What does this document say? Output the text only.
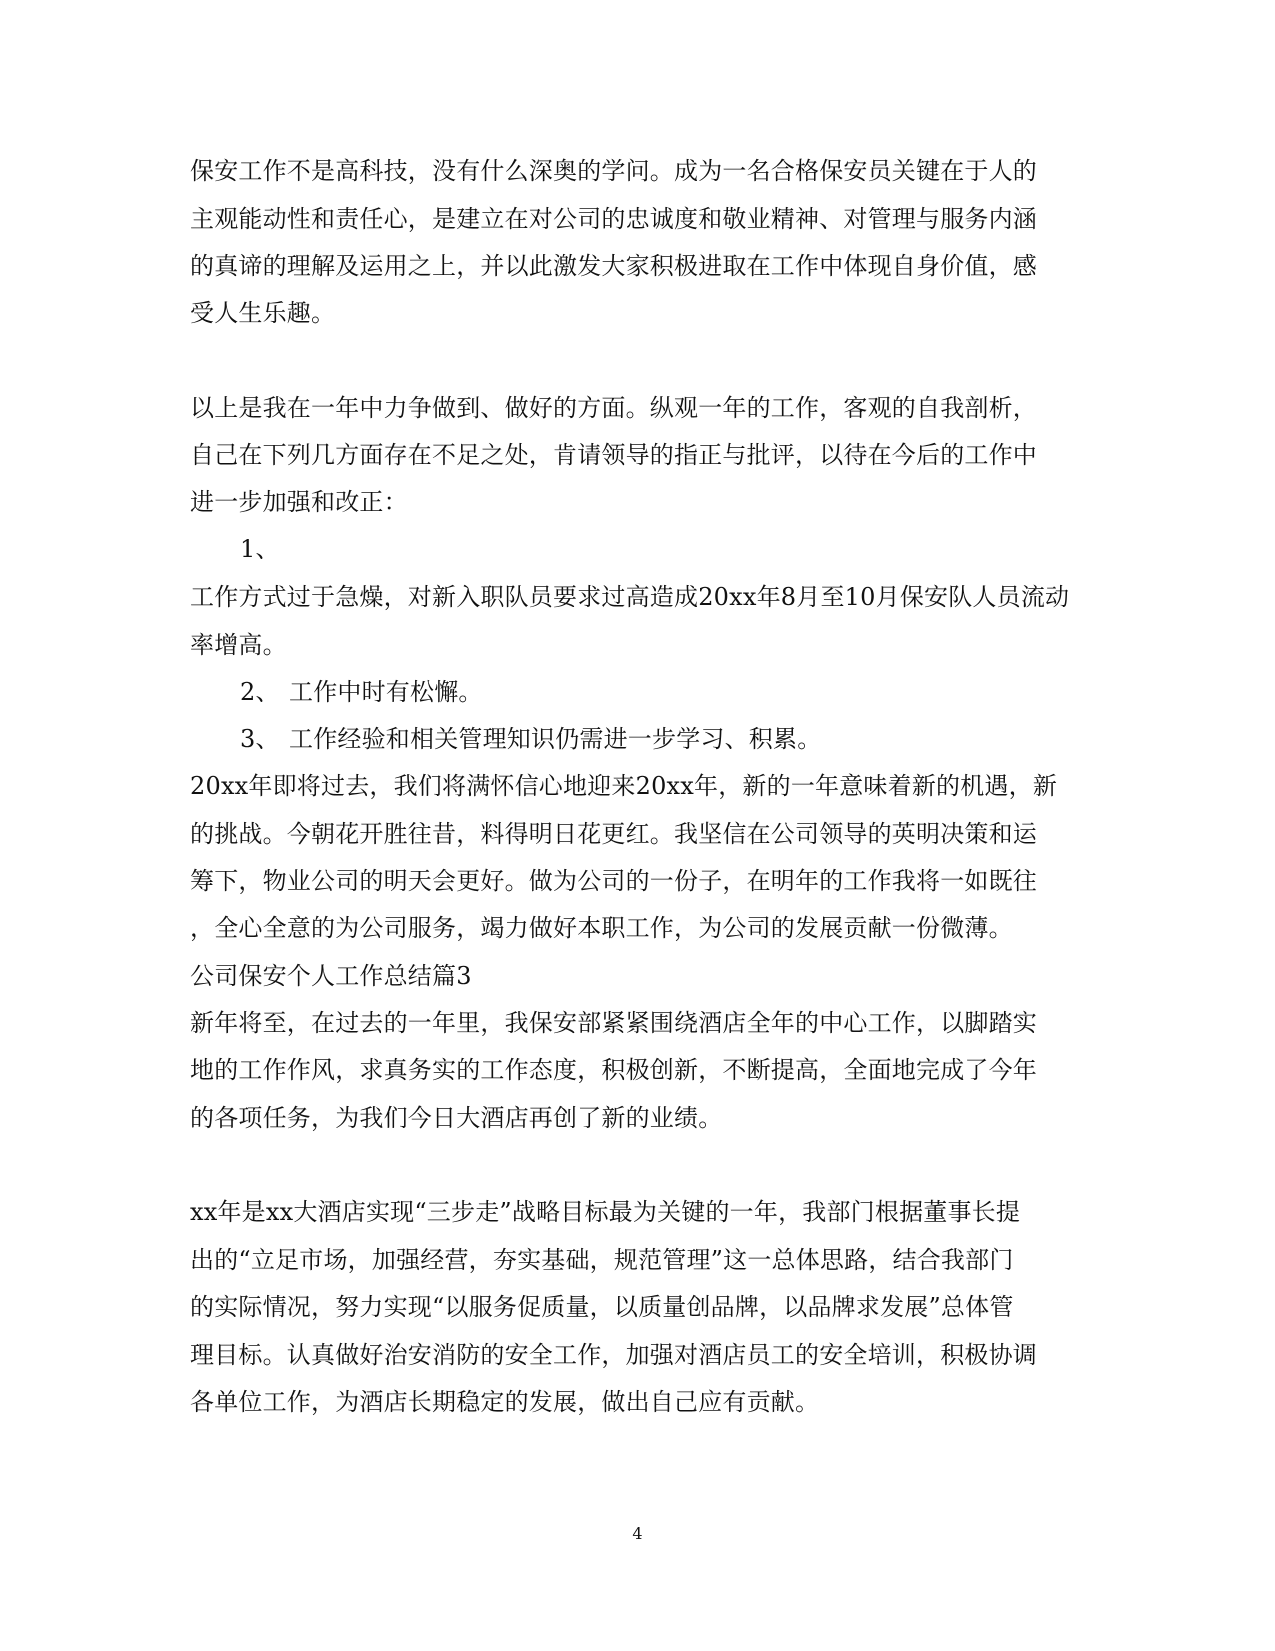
保安工作不是高科技，没有什么深奥的学问。成为一名合格保安员关键在于人的
主观能动性和责任心，是建立在对公司的忠诚度和敬业精神、对管理与服务内涵
的真谛的理解及运用之上，并以此激发大家积极进取在工作中体现自身价值，感
受人生乐趣。
以上是我在一年中力争做到、做好的方面。纵观一年的工作，客观的自我剖析，
自己在下列几方面存在不足之处，肯请领导的指正与批评，以待在今后的工作中
进一步加强和改正：
1、
工作方式过于急燥，对新入职队员要求过高造成20xx年8月至10月保安队人员流动
率增高。
2、 工作中时有松懈。
3、 工作经验和相关管理知识仍需进一步学习、积累。
20xx年即将过去，我们将满怀信心地迎来20xx年，新的一年意味着新的机遇，新
的挑战。今朝花开胜往昔，料得明日花更红。我坚信在公司领导的英明决策和运
筹下，物业公司的明天会更好。做为公司的一份子，在明年的工作我将一如既往
，全心全意的为公司服务，竭力做好本职工作，为公司的发展贡献一份微薄。
公司保安个人工作总结篇3
新年将至，在过去的一年里，我保安部紧紧围绕酒店全年的中心工作，以脚踏实
地的工作作风，求真务实的工作态度，积极创新，不断提高，全面地完成了今年
的各项任务，为我们今日大酒店再创了新的业绩。
xx年是xx大酒店实现“三步走”战略目标最为关键的一年，我部门根据董事长提
出的“立足市场，加强经营，夯实基础，规范管理”这一总体思路，结合我部门
的实际情况，努力实现“以服务促质量，以质量创品牌，以品牌求发展”总体管
理目标。认真做好治安消防的安全工作，加强对酒店员工的安全培训，积极协调
各单位工作，为酒店长期稳定的发展，做出自己应有贡献。
4
